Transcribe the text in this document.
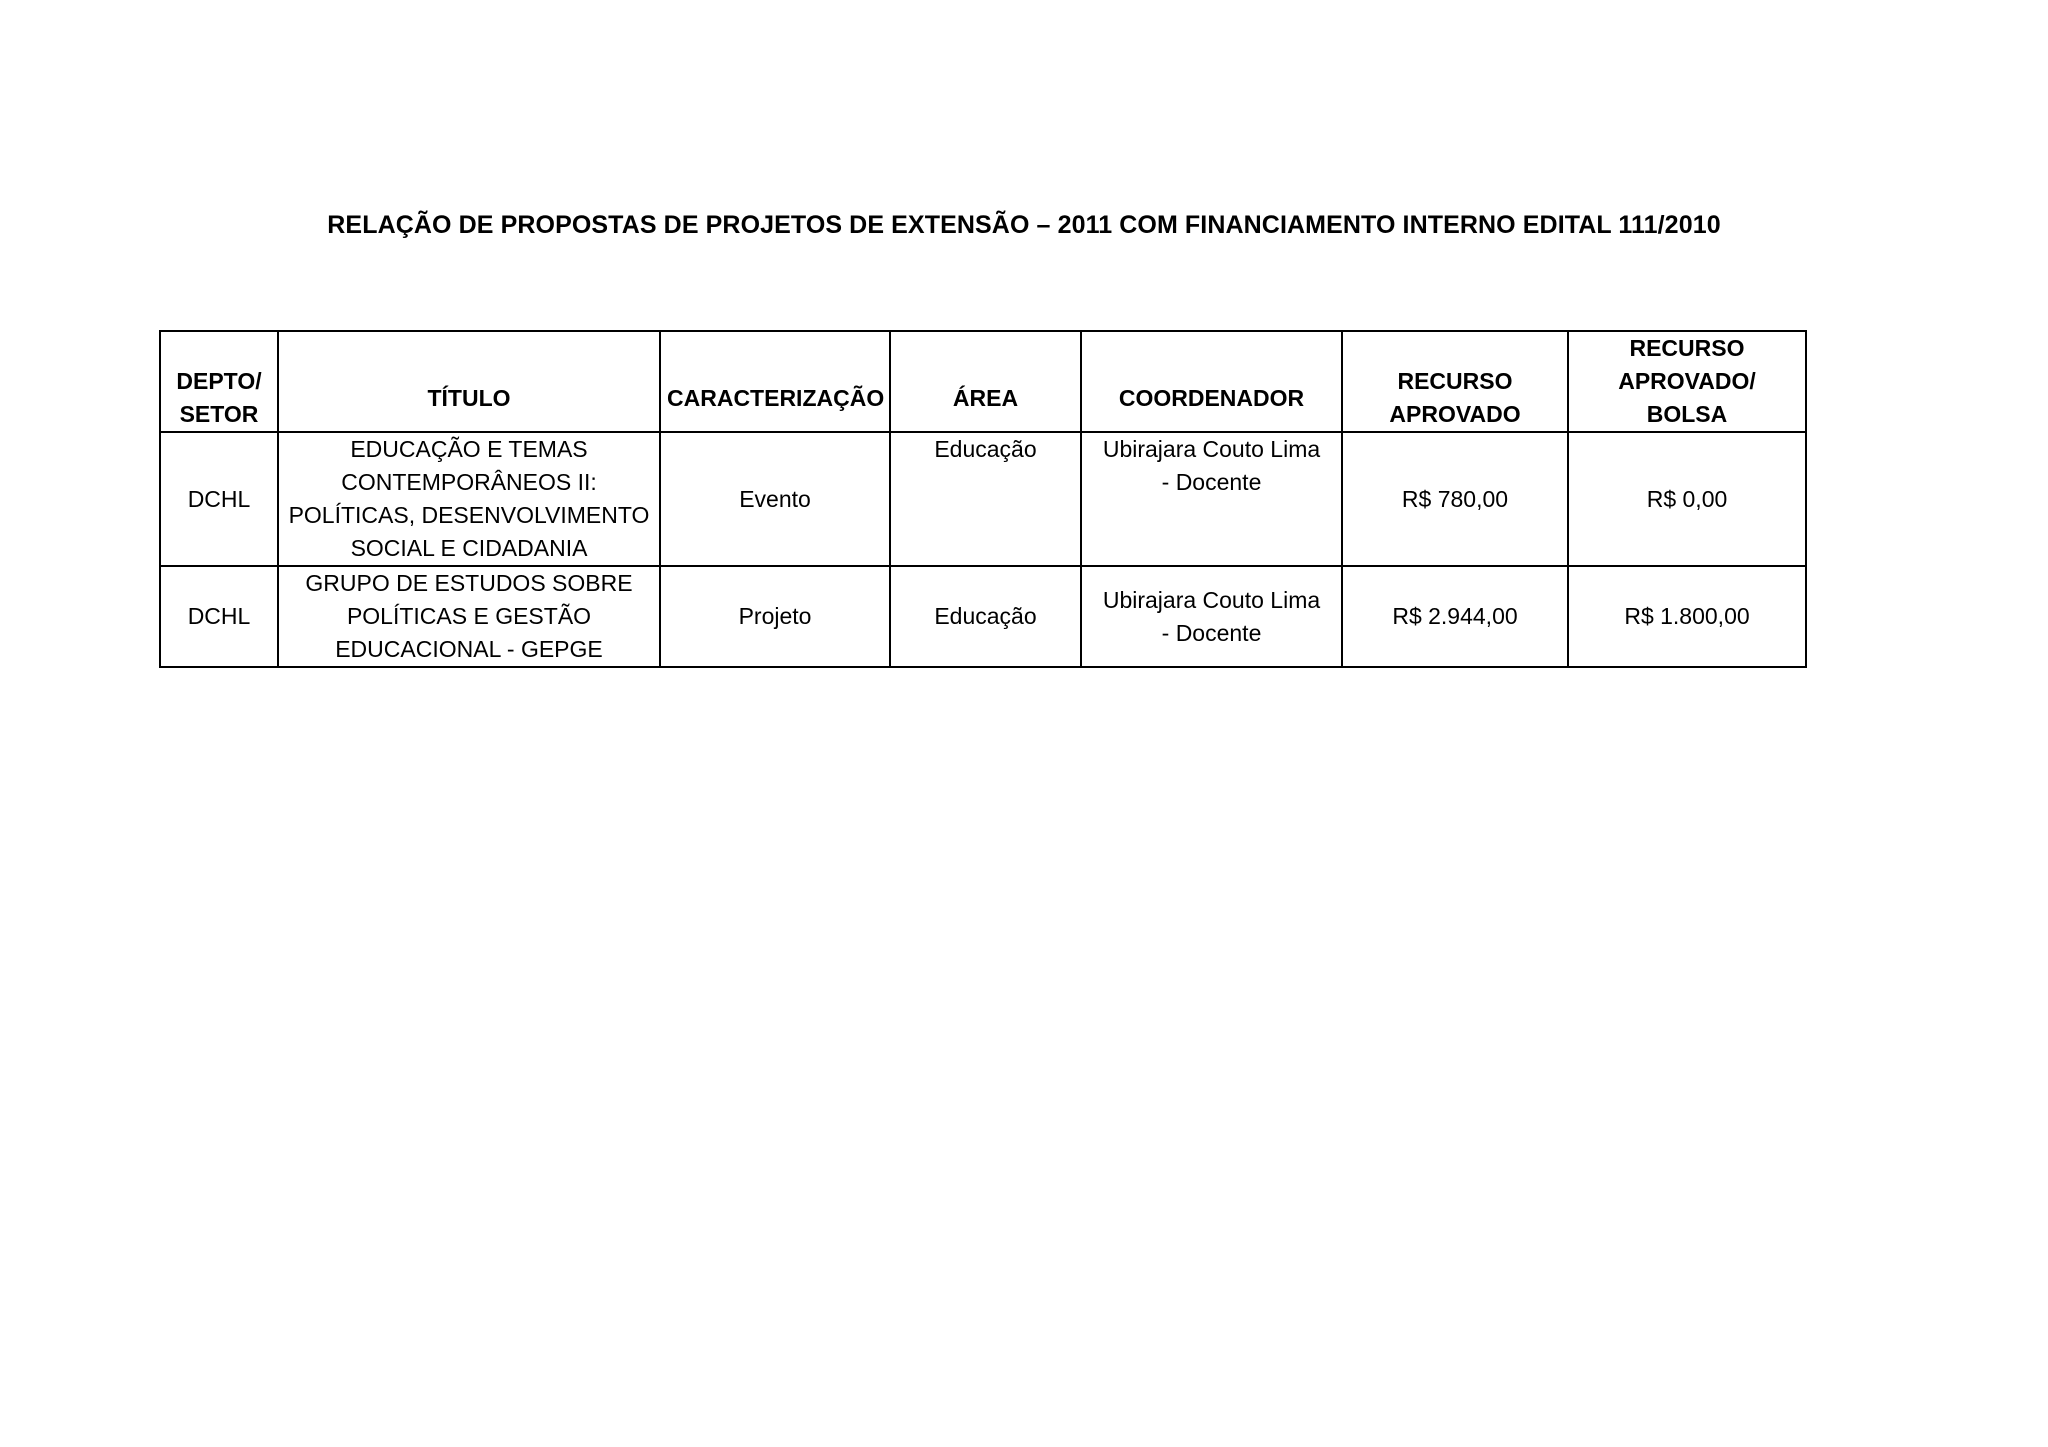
RELAÇÃO DE PROPOSTAS DE PROJETOS DE EXTENSÃO – 2011 COM FINANCIAMENTO INTERNO EDITAL 111/2010
DEPTO/
SETOR	TÍTULO	CARACTERIZAÇÃO	ÁREA	COORDENADOR	RECURSO
APROVADO	RECURSO
APROVADO/
BOLSA

DCHL	EDUCAÇÃO E TEMAS
CONTEMPORÂNEOS II:
POLÍTICAS, DESENVOLVIMENTO
SOCIAL E CIDADANIA	Evento	Educação	Ubirajara Couto Lima
- Docente	R$ 780,00	R$ 0,00
DCHL	GRUPO DE ESTUDOS SOBRE
POLÍTICAS E GESTÃO
EDUCACIONAL - GEPGE	Projeto	Educação	Ubirajara Couto Lima
- Docente	R$ 2.944,00	R$ 1.800,00
